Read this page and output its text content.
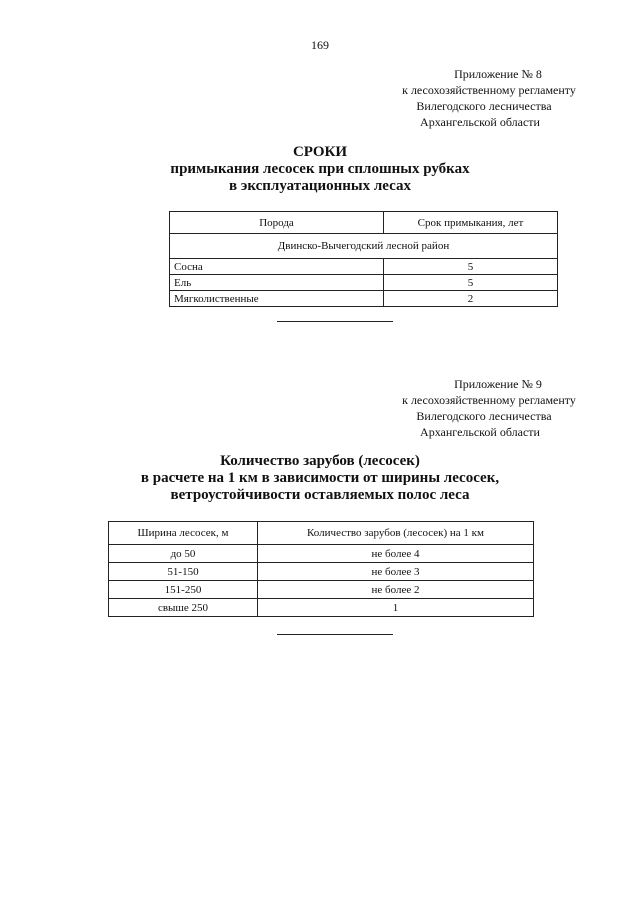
169
Приложение № 8
к лесохозяйственному регламенту
Вилегодского лесничества
Архангельской области
СРОКИ
примыкания лесосек при сплошных рубках
в эксплуатационных лесах
Порода	Срок примыкания, лет
Двинско-Вычегодский лесной район	
Сосна	5
Ель	5
Мягколиственные	2
Приложение № 9
к лесохозяйственному регламенту
Вилегодского лесничества
Архангельской области
Количество зарубов (лесосек)
в расчете на 1 км в зависимости от ширины лесосек,
ветроустойчивости оставляемых полос леса
Ширина лесосек, м	Количество зарубов (лесосек) на 1 км
до 50	не более 4
51-150	не более 3
151-250	не более 2
свыше 250	1
